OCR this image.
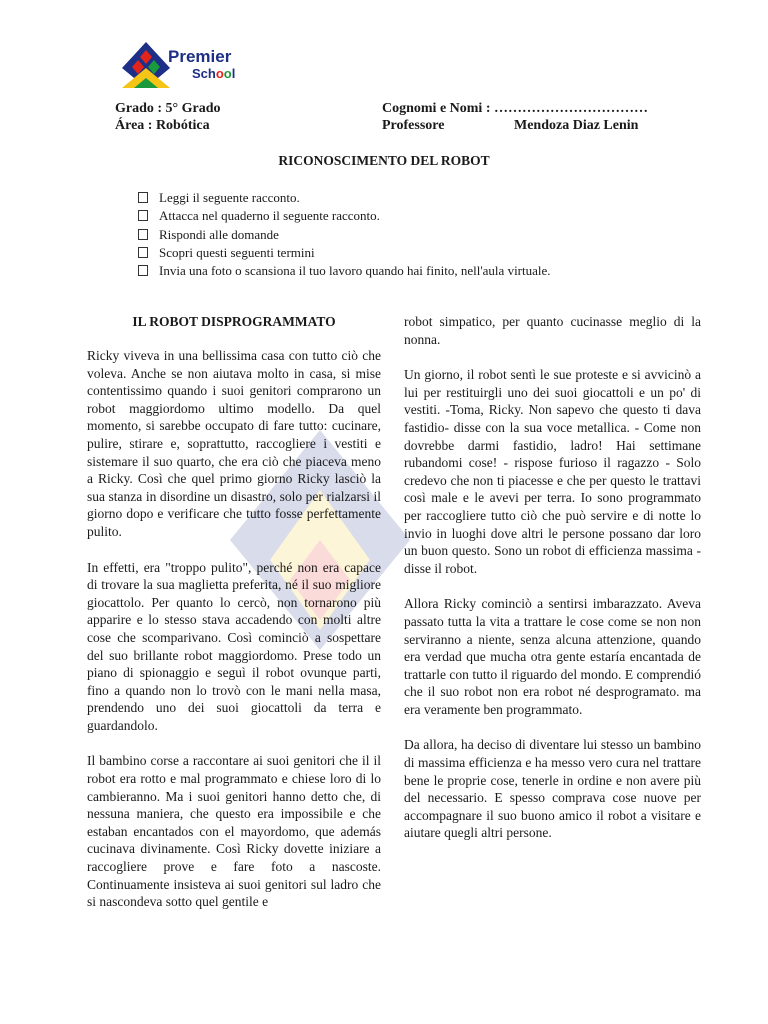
Premier
School
Grado : 5° Grado
Área : Robótica
Cognomi e Nomi : ……………………………
Professore	Mendoza Diaz Lenin
RICONOSCIMENTO DEL ROBOT
Leggi il seguente racconto.
Attacca nel quaderno il seguente racconto.
Rispondi alle domande
Scopri questi seguenti termini
Invia una foto o scansiona il tuo lavoro quando hai finito, nell'aula virtuale.
IL ROBOT DISPROGRAMMATO

Ricky viveva in una bellissima casa con tutto ciò che voleva. Anche se non aiutava molto in casa, si mise contentissimo quando i suoi genitori comprarono un robot maggiordomo ultimo modello. Da quel momento, si sarebbe occupato di fare tutto: cucinare, pulire, stirare e, soprattutto, raccogliere i vestiti e sistemare il suo quarto, che era ciò che piaceva meno a Ricky. Così che quel primo giorno Ricky lasciò la sua stanza in disordine un disastro, solo per rialzarsi il giorno dopo e verificare che tutto fosse perfettamente pulito.

In effetti, era "troppo pulito", perché non era capace di trovare la sua maglietta preferita, né il suo migliore giocattolo. Per quanto lo cercò, non tornarono più apparire e lo stesso stava accadendo con molti altre cose che scomparivano. Così cominciò a sospettare del suo brillante robot maggiordomo. Prese todo un piano di spionaggio e seguì il robot ovunque parti, fino a quando non lo trovò con le mani nella masa, prendendo uno dei suoi giocattoli da terra e guardandolo.

Il bambino corse a raccontare ai suoi genitori che il il robot era rotto e mal programmato e chiese loro di lo cambieranno. Ma i suoi genitori hanno detto che, di nessuna maniera, che questo era impossibile e che estaban encantados con el mayordomo, que además cucinava divinamente. Così Ricky dovette iniziare a raccogliere prove e fare foto a nascoste. Continuamente insisteva ai suoi genitori sul ladro che si nascondeva sotto quel gentile e

robot simpatico, per quanto cucinasse meglio di la nonna.

Un giorno, il robot sentì le sue proteste e si avvicinò a lui per restituirgli uno dei suoi giocattoli e un po' di vestiti. -Toma, Ricky. Non sapevo che questo ti dava fastidio- disse con la sua voce metallica. - Come non dovrebbe darmi fastidio, ladro! Hai settimane rubandomi cose! - rispose furioso il ragazzo - Solo credevo che non ti piacesse e che per questo le trattavi così male e le avevi per terra. Io sono programmato per raccogliere tutto ciò che può servire e di notte lo invio in luoghi dove altri le persone possano dar loro un buon questo. Sono un robot di efficienza massima - disse il robot.

Allora Ricky cominciò a sentirsi imbarazzato. Aveva passato tutta la vita a trattare le cose come se non non serviranno a niente, senza alcuna attenzione, quando era verdad que mucha otra gente estaría encantada de trattarle con tutto il riguardo del mondo. E comprendió che il suo robot non era robot né desprogramato. ma era veramente ben programmato.

Da allora, ha deciso di diventare lui stesso un bambino di massima efficienza e ha messo vero cura nel trattare bene le proprie cose, tenerle in ordine e non avere più del necessario. E spesso comprava cose nuove per accompagnare il suo buono amico il robot a visitare e aiutare quegli altri persone.
